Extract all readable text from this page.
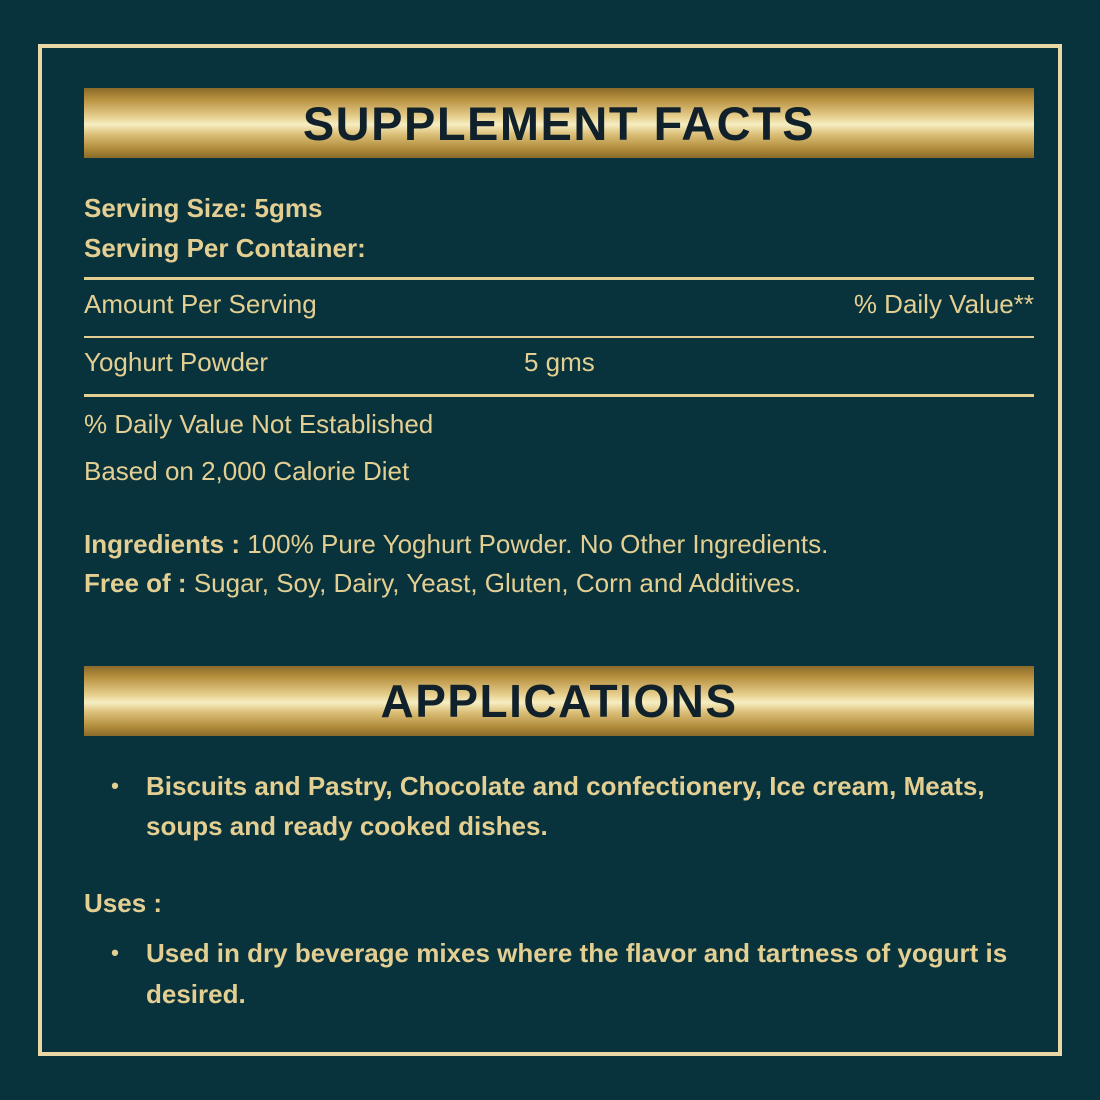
SUPPLEMENT FACTS
Serving Size: 5gms
Serving Per Container:
Amount Per Serving	% Daily Value**
Yoghurt Powder	5 gms
% Daily Value Not Established
Based on 2,000 Calorie Diet
Ingredients : 100% Pure Yoghurt Powder. No Other Ingredients.
Free of : Sugar, Soy, Dairy, Yeast, Gluten, Corn and Additives.
APPLICATIONS
•	Biscuits and Pastry, Chocolate and confectionery, Ice cream, Meats, soups and ready cooked dishes.
Uses :
•	Used in dry beverage mixes where the flavor and tartness of yogurt is desired.
